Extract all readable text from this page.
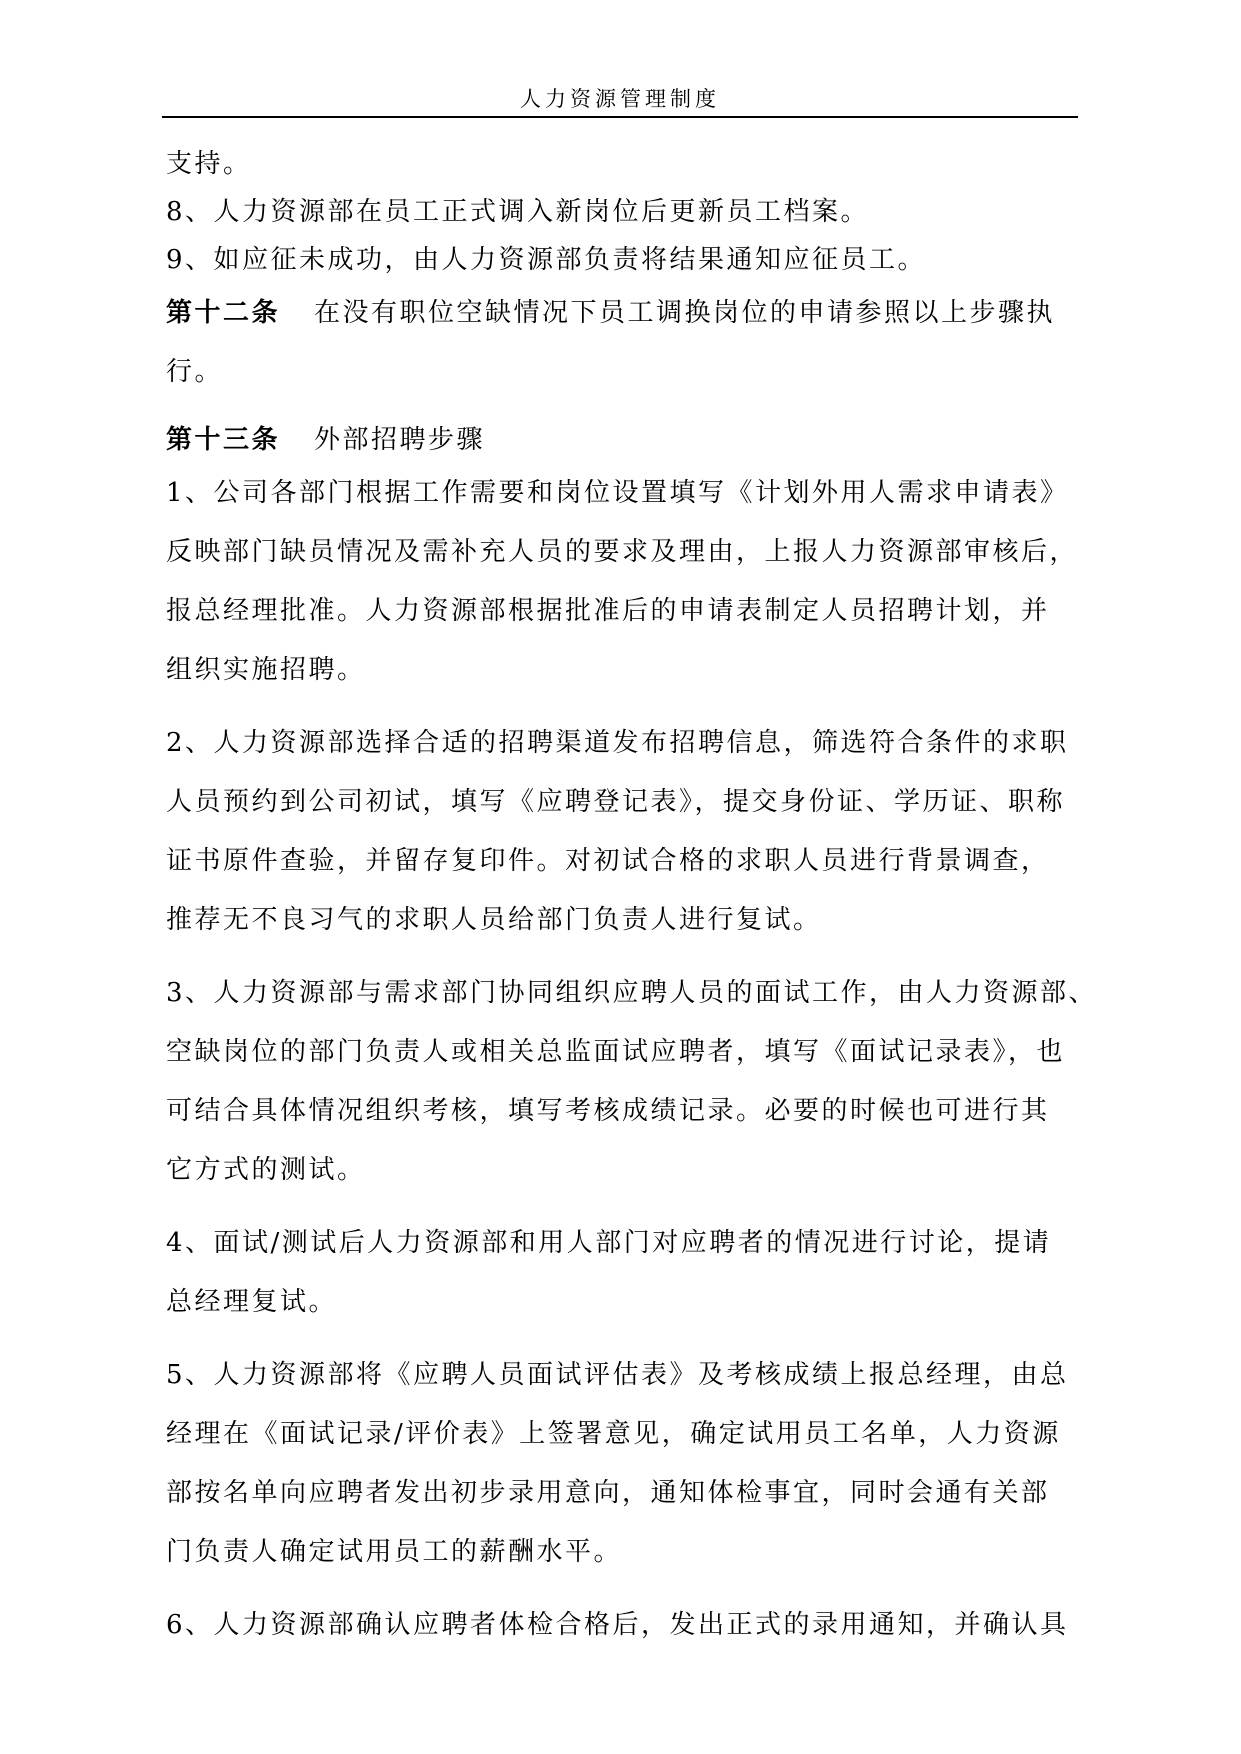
人力资源管理制度
支持。
8、人力资源部在员工正式调入新岗位后更新员工档案。
9、如应征未成功，由人力资源部负责将结果通知应征员工。
第十二条 在没有职位空缺情况下员工调换岗位的申请参照以上步骤执
行。
第十三条 外部招聘步骤
1、公司各部门根据工作需要和岗位设置填写《计划外用人需求申请表》
反映部门缺员情况及需补充人员的要求及理由，上报人力资源部审核后，
报总经理批准。人力资源部根据批准后的申请表制定人员招聘计划，并
组织实施招聘。
2、人力资源部选择合适的招聘渠道发布招聘信息，筛选符合条件的求职
人员预约到公司初试，填写《应聘登记表》，提交身份证、学历证、职称
证书原件查验，并留存复印件。对初试合格的求职人员进行背景调查，
推荐无不良习气的求职人员给部门负责人进行复试。
3、人力资源部与需求部门协同组织应聘人员的面试工作，由人力资源部、
空缺岗位的部门负责人或相关总监面试应聘者，填写《面试记录表》，也
可结合具体情况组织考核，填写考核成绩记录。必要的时候也可进行其
它方式的测试。
4、面试/测试后人力资源部和用人部门对应聘者的情况进行讨论，提请
总经理复试。
5、人力资源部将《应聘人员面试评估表》及考核成绩上报总经理，由总
经理在《面试记录/评价表》上签署意见，确定试用员工名单，人力资源
部按名单向应聘者发出初步录用意向，通知体检事宜，同时会通有关部
门负责人确定试用员工的薪酬水平。
6、人力资源部确认应聘者体检合格后，发出正式的录用通知，并确认具
